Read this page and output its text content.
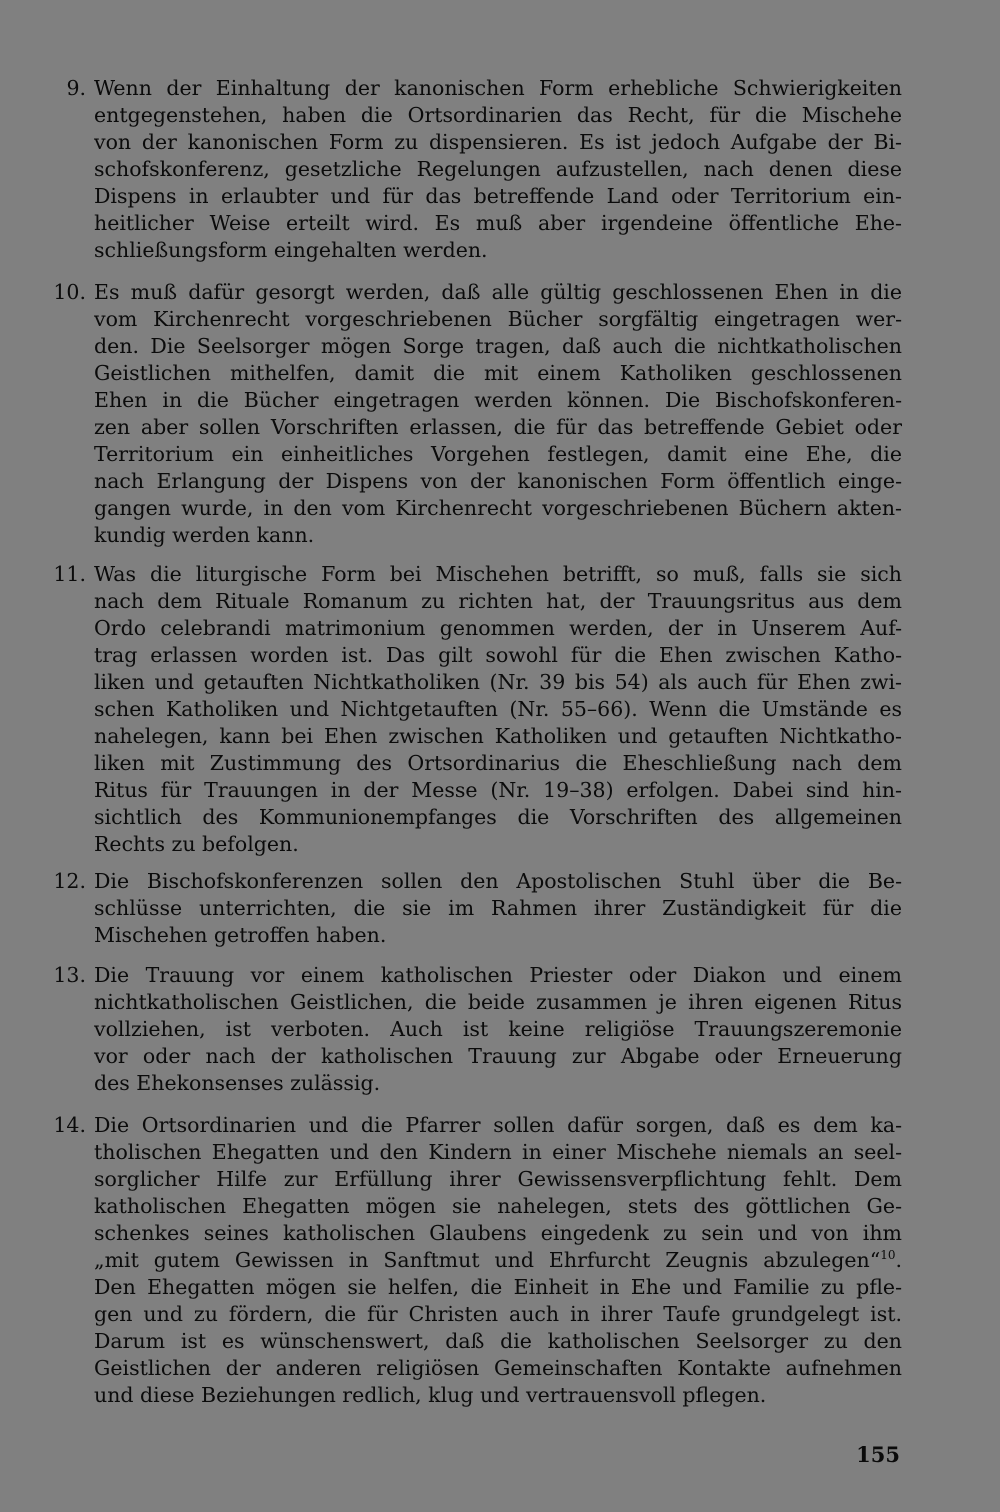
9. Wenn der Einhaltung der kanonischen Form erhebliche Schwierigkeiten
entgegenstehen, haben die Ortsordinarien das Recht, für die Mischehe
von der kanonischen Form zu dispensieren. Es ist jedoch Aufgabe der Bi-
schofskonferenz, gesetzliche Regelungen aufzustellen, nach denen diese
Dispens in erlaubter und für das betreffende Land oder Territorium ein-
heitlicher Weise erteilt wird. Es muß aber irgendeine öffentliche Ehe-
schließungsform eingehalten werden.
10. Es muß dafür gesorgt werden, daß alle gültig geschlossenen Ehen in die
vom Kirchenrecht vorgeschriebenen Bücher sorgfältig eingetragen wer-
den. Die Seelsorger mögen Sorge tragen, daß auch die nichtkatholischen
Geistlichen mithelfen, damit die mit einem Katholiken geschlossenen
Ehen in die Bücher eingetragen werden können. Die Bischofskonferen-
zen aber sollen Vorschriften erlassen, die für das betreffende Gebiet oder
Territorium ein einheitliches Vorgehen festlegen, damit eine Ehe, die
nach Erlangung der Dispens von der kanonischen Form öffentlich einge-
gangen wurde, in den vom Kirchenrecht vorgeschriebenen Büchern akten-
kundig werden kann.
11. Was die liturgische Form bei Mischehen betrifft, so muß, falls sie sich
nach dem Rituale Romanum zu richten hat, der Trauungsritus aus dem
Ordo celebrandi matrimonium genommen werden, der in Unserem Auf-
trag erlassen worden ist. Das gilt sowohl für die Ehen zwischen Katho-
liken und getauften Nichtkatholiken (Nr. 39 bis 54) als auch für Ehen zwi-
schen Katholiken und Nichtgetauften (Nr. 55–66). Wenn die Umstände es
nahelegen, kann bei Ehen zwischen Katholiken und getauften Nichtkatho-
liken mit Zustimmung des Ortsordinarius die Eheschließung nach dem
Ritus für Trauungen in der Messe (Nr. 19–38) erfolgen. Dabei sind hin-
sichtlich des Kommunionempfanges die Vorschriften des allgemeinen
Rechts zu befolgen.
12. Die Bischofskonferenzen sollen den Apostolischen Stuhl über die Be-
schlüsse unterrichten, die sie im Rahmen ihrer Zuständigkeit für die
Mischehen getroffen haben.
13. Die Trauung vor einem katholischen Priester oder Diakon und einem
nichtkatholischen Geistlichen, die beide zusammen je ihren eigenen Ritus
vollziehen, ist verboten. Auch ist keine religiöse Trauungszeremonie
vor oder nach der katholischen Trauung zur Abgabe oder Erneuerung
des Ehekonsenses zulässig.
14. Die Ortsordinarien und die Pfarrer sollen dafür sorgen, daß es dem ka-
tholischen Ehegatten und den Kindern in einer Mischehe niemals an seel-
sorglicher Hilfe zur Erfüllung ihrer Gewissensverpflichtung fehlt. Dem
katholischen Ehegatten mögen sie nahelegen, stets des göttlichen Ge-
schenkes seines katholischen Glaubens eingedenk zu sein und von ihm
„mit gutem Gewissen in Sanftmut und Ehrfurcht Zeugnis abzulegen“$^{10}$.
Den Ehegatten mögen sie helfen, die Einheit in Ehe und Familie zu pfle-
gen und zu fördern, die für Christen auch in ihrer Taufe grundgelegt ist.
Darum ist es wünschenswert, daß die katholischen Seelsorger zu den
Geistlichen der anderen religiösen Gemeinschaften Kontakte aufnehmen
und diese Beziehungen redlich, klug und vertrauensvoll pflegen.
155
